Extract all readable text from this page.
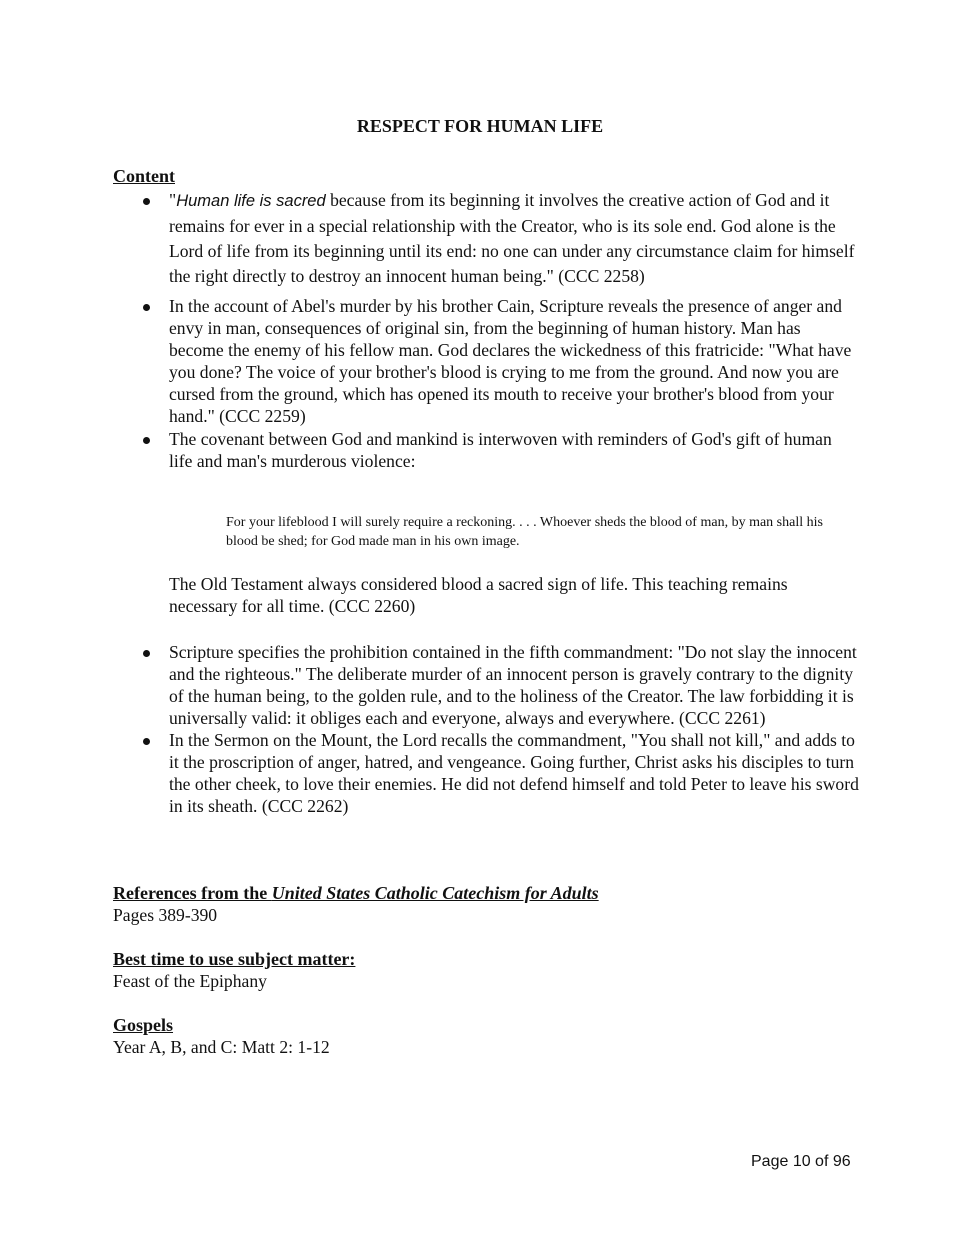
RESPECT FOR HUMAN LIFE
Content
"Human life is sacred because from its beginning it involves the creative action of God and it remains for ever in a special relationship with the Creator, who is its sole end. God alone is the Lord of life from its beginning until its end: no one can under any circumstance claim for himself the right directly to destroy an innocent human being." (CCC 2258)
In the account of Abel's murder by his brother Cain, Scripture reveals the presence of anger and envy in man, consequences of original sin, from the beginning of human history. Man has become the enemy of his fellow man. God declares the wickedness of this fratricide: "What have you done? The voice of your brother's blood is crying to me from the ground. And now you are cursed from the ground, which has opened its mouth to receive your brother's blood from your hand." (CCC 2259)
The covenant between God and mankind is interwoven with reminders of God's gift of human life and man's murderous violence:
For your lifeblood I will surely require a reckoning. . . . Whoever sheds the blood of man, by man shall his blood be shed; for God made man in his own image.
The Old Testament always considered blood a sacred sign of life. This teaching remains necessary for all time. (CCC 2260)
Scripture specifies the prohibition contained in the fifth commandment: "Do not slay the innocent and the righteous." The deliberate murder of an innocent person is gravely contrary to the dignity of the human being, to the golden rule, and to the holiness of the Creator. The law forbidding it is universally valid: it obliges each and everyone, always and everywhere. (CCC 2261)
In the Sermon on the Mount, the Lord recalls the commandment, "You shall not kill," and adds to it the proscription of anger, hatred, and vengeance. Going further, Christ asks his disciples to turn the other cheek, to love their enemies. He did not defend himself and told Peter to leave his sword in its sheath. (CCC 2262)
References from the United States Catholic Catechism for Adults
Pages 389-390
Best time to use subject matter:
Feast of the Epiphany
Gospels
Year A, B, and C: Matt 2: 1-12
Page 10 of 96
